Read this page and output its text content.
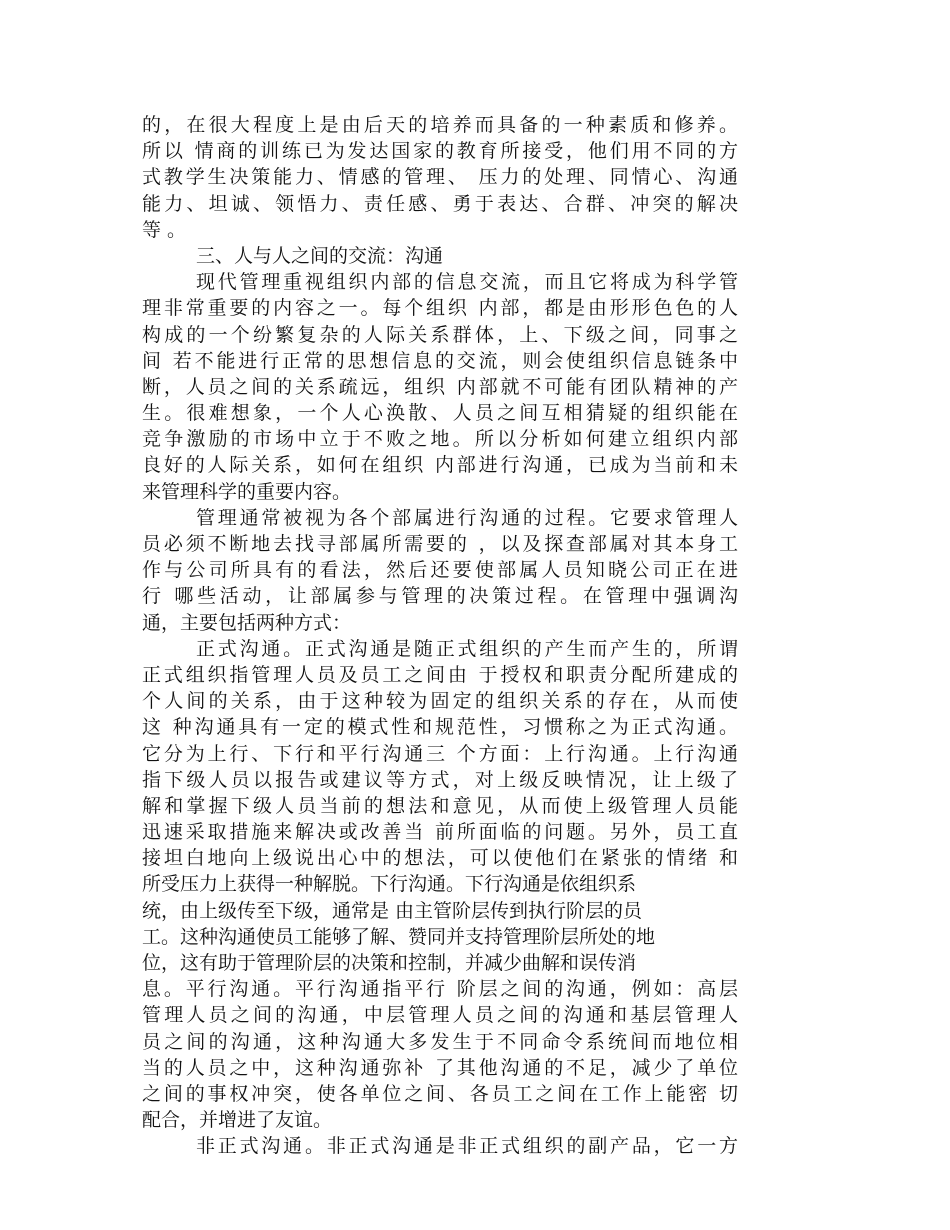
的，在很大程度上是由后天的培养而具备的一种素质和修养。
所以 情商的训练已为发达国家的教育所接受，他们用不同的方
式教学生决策能力、情感的管理、 压力的处理、同情心、沟通
能力、坦诚、领悟力、责任感、勇于表达、合群、冲突的解决
等 。
三、人与人之间的交流：沟通
现代管理重视组织内部的信息交流，而且它将成为科学管
理非常重要的内容之一。每个组织 内部，都是由形形色色的人
构成的一个纷繁复杂的人际关系群体，上、下级之间，同事之
间 若不能进行正常的思想信息的交流，则会使组织信息链条中
断，人员之间的关系疏远，组织 内部就不可能有团队精神的产
生。很难想象，一个人心涣散、人员之间互相猜疑的组织能在
竞争激励的市场中立于不败之地。所以分析如何建立组织内部
良好的人际关系，如何在组织 内部进行沟通，已成为当前和未
来管理科学的重要内容。
管理通常被视为各个部属进行沟通的过程。它要求管理人
员必须不断地去找寻部属所需要的 ，以及探查部属对其本身工
作与公司所具有的看法，然后还要使部属人员知晓公司正在进
行 哪些活动，让部属参与管理的决策过程。在管理中强调沟
通，主要包括两种方式：
正式沟通。正式沟通是随正式组织的产生而产生的，所谓
正式组织指管理人员及员工之间由 于授权和职责分配所建成的
个人间的关系，由于这种较为固定的组织关系的存在，从而使
这 种沟通具有一定的模式性和规范性，习惯称之为正式沟通。
它分为上行、下行和平行沟通三 个方面：上行沟通。上行沟通
指下级人员以报告或建议等方式，对上级反映情况，让上级了
解和掌握下级人员当前的想法和意见，从而使上级管理人员能
迅速采取措施来解决或改善当 前所面临的问题。另外，员工直
接坦白地向上级说出心中的想法，可以使他们在紧张的情绪 和
所受压力上获得一种解脱。下行沟通。下行沟通是依组织系
统，由上级传至下级，通常是 由主管阶层传到执行阶层的员
工。这种沟通使员工能够了解、赞同并支持管理阶层所处的地
位，这有助于管理阶层的决策和控制，并减少曲解和误传消
息。平行沟通。平行沟通指平行 阶层之间的沟通，例如：高层
管理人员之间的沟通，中层管理人员之间的沟通和基层管理人
员之间的沟通，这种沟通大多发生于不同命令系统间而地位相
当的人员之中，这种沟通弥补 了其他沟通的不足，减少了单位
之间的事权冲突，使各单位之间、各员工之间在工作上能密 切
配合，并增进了友谊。
非正式沟通。非正式沟通是非正式组织的副产品，它一方
